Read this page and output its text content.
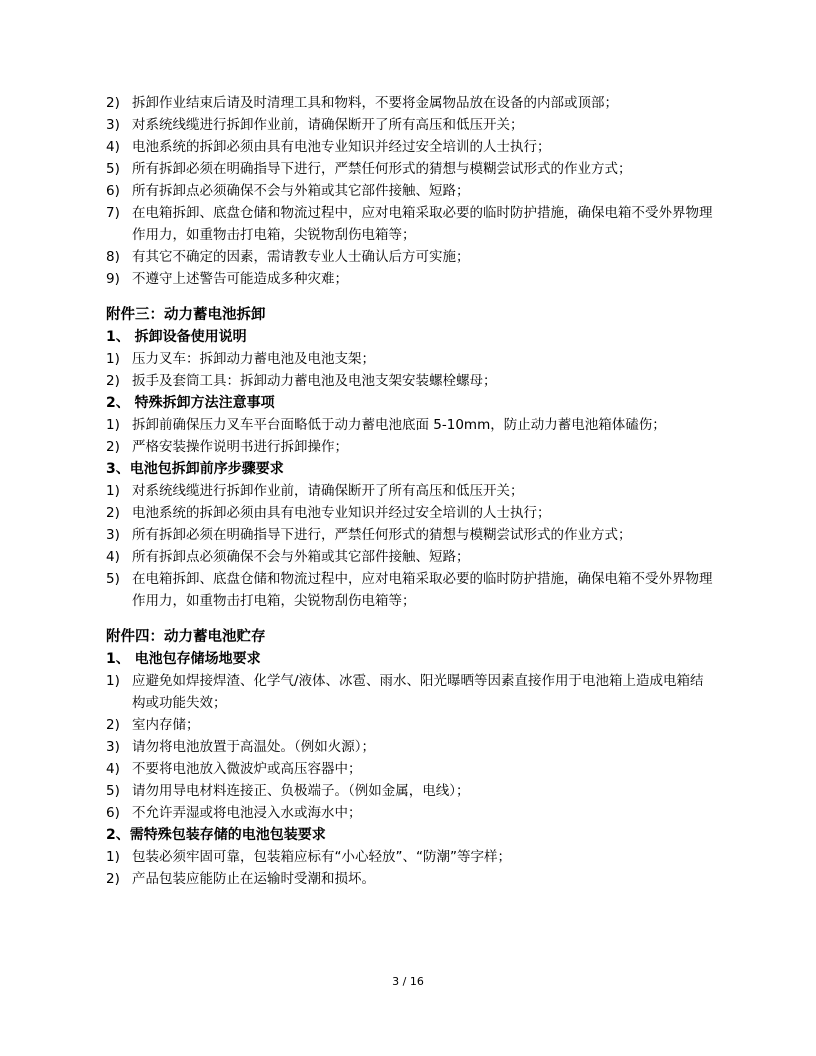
2) 拆卸作业结束后请及时清理工具和物料，不要将金属物品放在设备的内部或顶部；
3) 对系统线缆进行拆卸作业前，请确保断开了所有高压和低压开关；
4) 电池系统的拆卸必须由具有电池专业知识并经过安全培训的人士执行；
5) 所有拆卸必须在明确指导下进行，严禁任何形式的猜想与模糊尝试形式的作业方式；
6) 所有拆卸点必须确保不会与外箱或其它部件接触、短路；
7) 在电箱拆卸、底盘仓储和物流过程中，应对电箱采取必要的临时防护措施，确保电箱不受外界物理作用力，如重物击打电箱，尖锐物刮伤电箱等；
8) 有其它不确定的因素，需请教专业人士确认后方可实施；
9) 不遵守上述警告可能造成多种灾难；
附件三：动力蓄电池拆卸
1、 拆卸设备使用说明
1) 压力叉车：拆卸动力蓄电池及电池支架；
2) 扳手及套筒工具：拆卸动力蓄电池及电池支架安装螺栓螺母；
2、 特殊拆卸方法注意事项
1) 拆卸前确保压力叉车平台面略低于动力蓄电池底面 5-10mm，防止动力蓄电池箱体磕伤；
2) 严格安装操作说明书进行拆卸操作；
3、电池包拆卸前序步骤要求
1) 对系统线缆进行拆卸作业前，请确保断开了所有高压和低压开关；
2) 电池系统的拆卸必须由具有电池专业知识并经过安全培训的人士执行；
3) 所有拆卸必须在明确指导下进行，严禁任何形式的猜想与模糊尝试形式的作业方式；
4) 所有拆卸点必须确保不会与外箱或其它部件接触、短路；
5) 在电箱拆卸、底盘仓储和物流过程中，应对电箱采取必要的临时防护措施，确保电箱不受外界物理作用力，如重物击打电箱，尖锐物刮伤电箱等；
附件四：动力蓄电池贮存
1、 电池包存储场地要求
1) 应避免如焊接焊渣、化学气/液体、冰雹、雨水、阳光曝晒等因素直接作用于电池箱上造成电箱结构或功能失效；
2) 室内存储；
3) 请勿将电池放置于高温处。（例如火源）；
4) 不要将电池放入微波炉或高压容器中；
5) 请勿用导电材料连接正、负极端子。（例如金属，电线）；
6) 不允许弄湿或将电池浸入水或海水中；
2、需特殊包装存储的电池包装要求
1) 包装必须牢固可靠，包装箱应标有“小心轻放”、“防潮”等字样；
2) 产品包装应能防止在运输时受潮和损坏。
3 / 16
